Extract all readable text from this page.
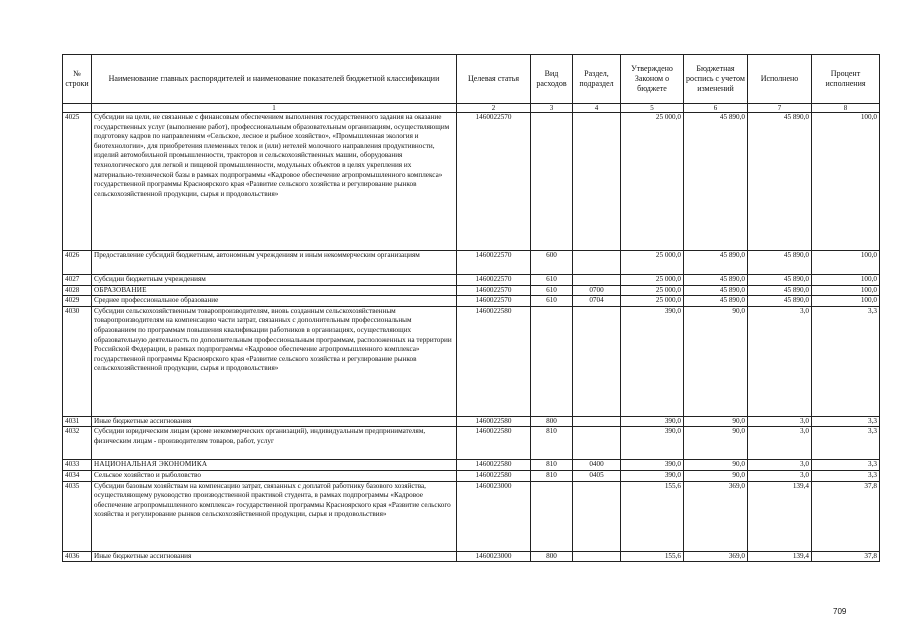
№ строки	Наименование главных распорядителей и наименование показателей бюджетной классификации	Целевая статья	Вид расходов	Раздел, подраздел	Утверждено Законом о бюджете	Бюджетная роспись с учетом изменений	Исполнено	Процент исполнения
	1	2	3	4	5	6	7	8
4025	Субсидии на цели, не связанные с финансовым обеспечением выполнения государственного задания на оказание государственных услуг (выполнение работ), профессиональным образовательным организациям, осуществляющим подготовку кадров по направлениям «Сельское, лесное и рыбное хозяйство», «Промышленная экология и биотехнологии», для приобретения племенных телок и (или) нетелей молочного направления продуктивности, изделий автомобильной промышленности, тракторов и сельскохозяйственных машин, оборудования технологического для легкой и пищевой промышленности, модульных объектов в целях укрепления их материально-технической базы в рамках подпрограммы «Кадровое обеспечение агропромышленного комплекса» государственной программы Красноярского края «Развитие сельского хозяйства и регулирование рынков сельскохозяйственной продукции, сырья и продовольствия»	1460022570			25 000,0	45 890,0	45 890,0	100,0
4026	Предоставление субсидий бюджетным, автономным учреждениям и иным некоммерческим организациям	1460022570	600		25 000,0	45 890,0	45 890,0	100,0
4027	Субсидии бюджетным учреждениям	1460022570	610		25 000,0	45 890,0	45 890,0	100,0
4028	ОБРАЗОВАНИЕ	1460022570	610	0700	25 000,0	45 890,0	45 890,0	100,0
4029	Среднее профессиональное образование	1460022570	610	0704	25 000,0	45 890,0	45 890,0	100,0
4030	Субсидии сельскохозяйственным товаропроизводителям, вновь созданным сельскохозяйственным товаропроизводителям на компенсацию части затрат, связанных с дополнительным профессиональным образованием по программам повышения квалификации работников в организациях, осуществляющих образовательную деятельность по дополнительным профессиональным программам, расположенных на территории Российской Федерации, в рамках подпрограммы «Кадровое обеспечение агропромышленного комплекса» государственной программы Красноярского края «Развитие сельского хозяйства и регулирование рынков сельскохозяйственной продукции, сырья и продовольствия»	1460022580			390,0	90,0	3,0	3,3
4031	Иные бюджетные ассигнования	1460022580	800		390,0	90,0	3,0	3,3
4032	Субсидии юридическим лицам (кроме некоммерческих организаций), индивидуальным предпринимателям, физическим лицам - производителям товаров, работ, услуг	1460022580	810		390,0	90,0	3,0	3,3
4033	НАЦИОНАЛЬНАЯ ЭКОНОМИКА	1460022580	810	0400	390,0	90,0	3,0	3,3
4034	Сельское хозяйство и рыболовство	1460022580	810	0405	390,0	90,0	3,0	3,3
4035	Субсидии базовым хозяйствам на компенсацию затрат, связанных с доплатой работнику базового хозяйства, осуществляющему руководство производственной практикой студента, в рамках подпрограммы «Кадровое обеспечение агропромышленного комплекса» государственной программы Красноярского края «Развитие сельского хозяйства и регулирование рынков сельскохозяйственной продукции, сырья и продовольствия»	1460023000			155,6	369,0	139,4	37,8
4036	Иные бюджетные ассигнования	1460023000	800		155,6	369,0	139,4	37,8
709
